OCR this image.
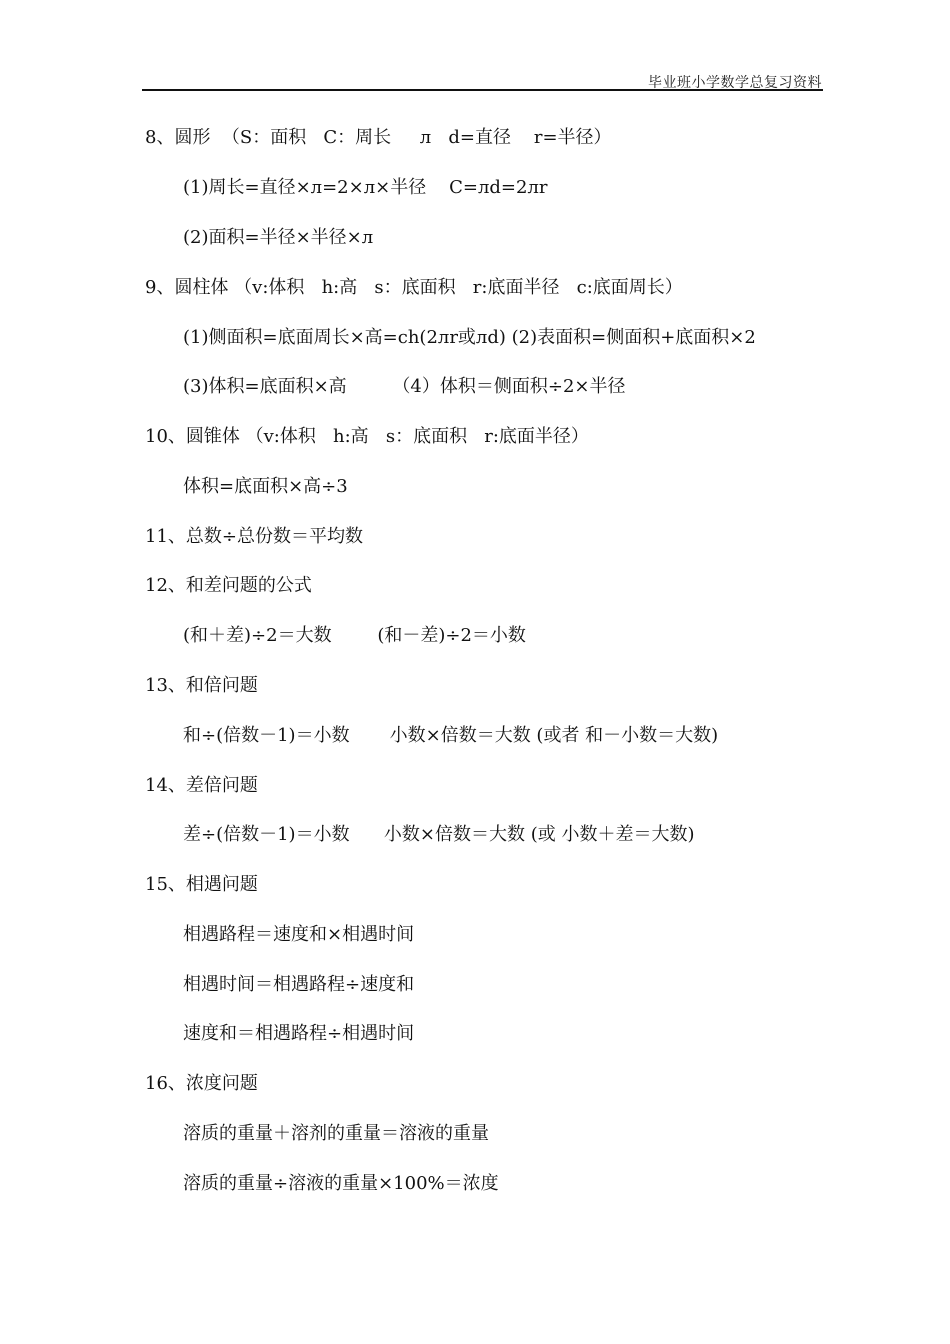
毕业班小学数学总复习资料
8、圆形  （S：面积   C：周长     л   d=直径    r=半径）
(1)周长=直径×л=2×л×半径    C=лd=2лr
(2)面积=半径×半径×л
9、圆柱体 （v:体积   h:高   s：底面积   r:底面半径   c:底面周长）
(1)侧面积=底面周长×高=ch(2лr或лd) (2)表面积=侧面积+底面积×2
(3)体积=底面积×高        （4）体积＝侧面积÷2×半径
10、圆锥体 （v:体积   h:高   s：底面积   r:底面半径）
体积=底面积×高÷3
11、总数÷总份数＝平均数
12、和差问题的公式
(和＋差)÷2＝大数        (和－差)÷2＝小数
13、和倍问题
和÷(倍数－1)＝小数       小数×倍数＝大数 (或者 和－小数＝大数)
14、差倍问题
差÷(倍数－1)＝小数      小数×倍数＝大数 (或 小数＋差＝大数)
15、相遇问题
相遇路程＝速度和×相遇时间
相遇时间＝相遇路程÷速度和
速度和＝相遇路程÷相遇时间
16、浓度问题
溶质的重量＋溶剂的重量＝溶液的重量
溶质的重量÷溶液的重量×100%＝浓度
